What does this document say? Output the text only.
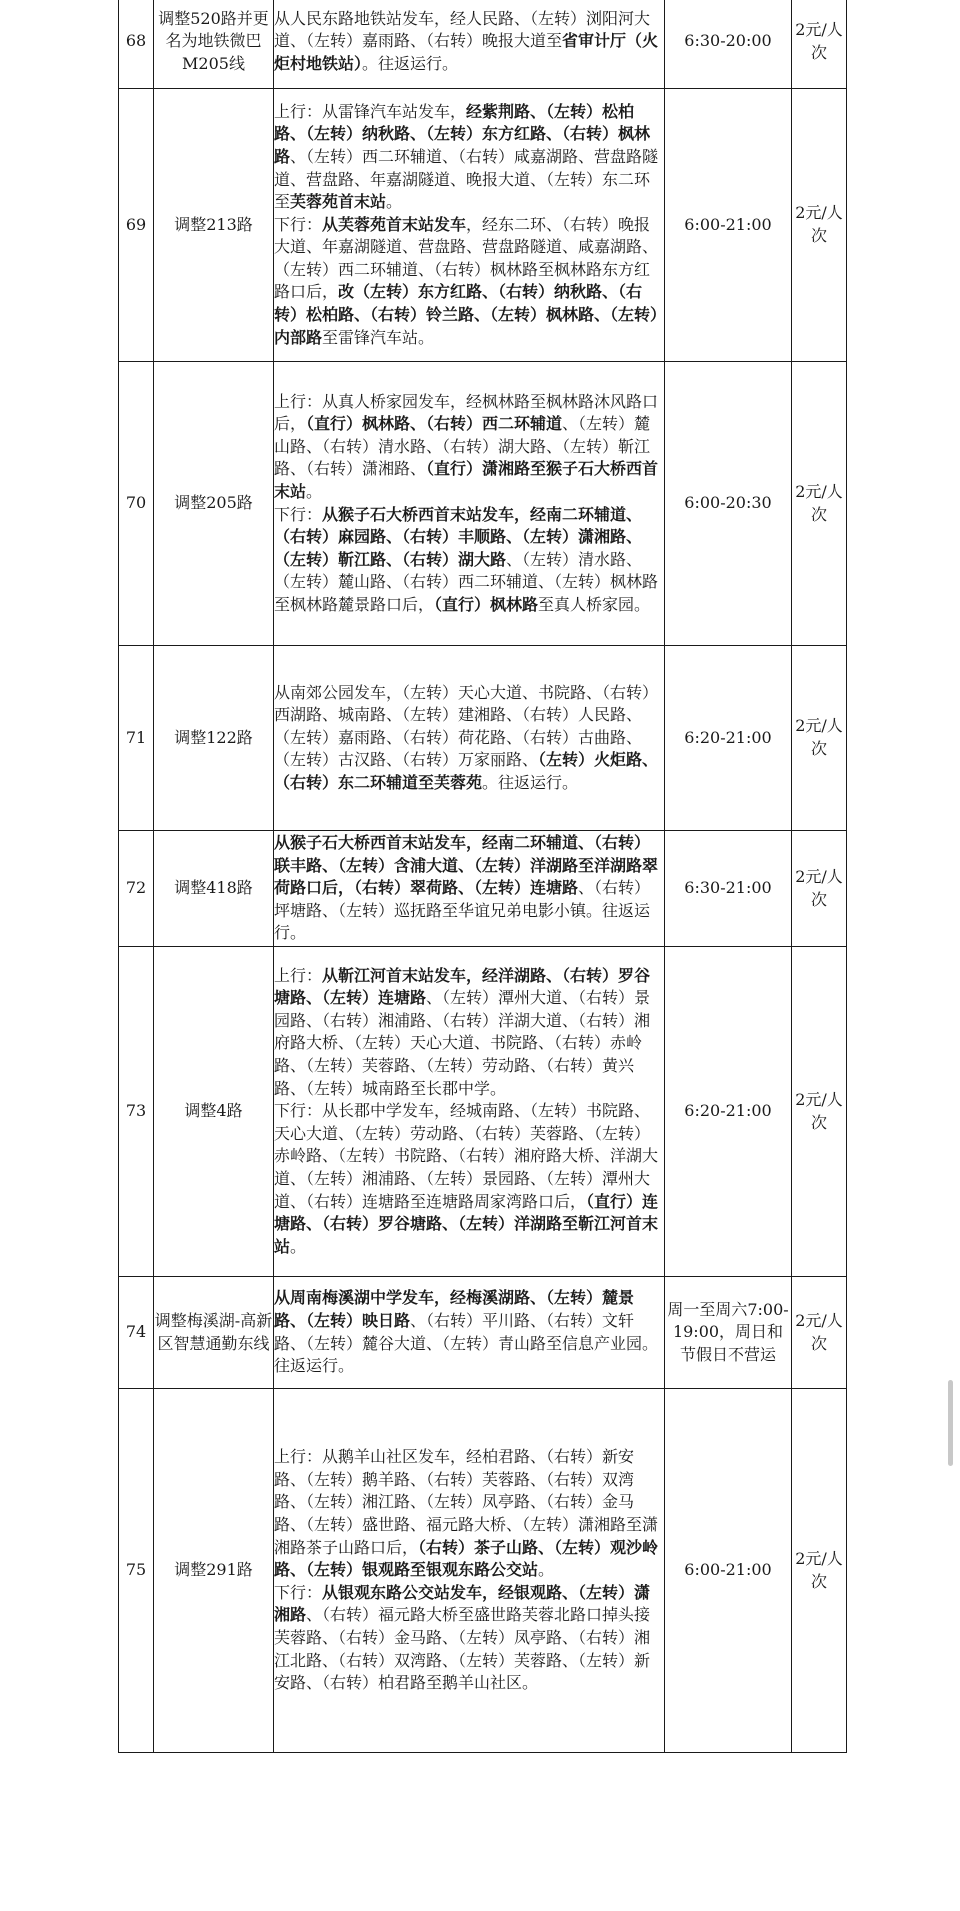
68	调整520路并更名为地铁微巴M205线	从人民东路地铁站发车，经人民路、（左转）浏阳河大道、（左转）嘉雨路、（右转）晚报大道至省审计厅（火炬村地铁站）。往返运行。	6:30-20:00	2元/人次
69	调整213路	上行：从雷锋汽车站发车，经紫荆路、（左转）松柏路、（左转）纳秋路、（左转）东方红路、（右转）枫林路、（左转）西二环辅道、（右转）咸嘉湖路、营盘路隧道、营盘路、年嘉湖隧道、晚报大道、（左转）东二环至芙蓉苑首末站。

下行：从芙蓉苑首末站发车，经东二环、（右转）晚报大道、年嘉湖隧道、营盘路、营盘路隧道、咸嘉湖路、（左转）西二环辅道、（右转）枫林路至枫林路东方红路口后，改（左转）东方红路、（右转）纳秋路、（右转）松柏路、（右转）铃兰路、（左转）枫林路、（左转）内部路至雷锋汽车站。	6:00-21:00	2元/人次
70	调整205路	上行：从真人桥家园发车，经枫林路至枫林路沐风路口后，（直行）枫林路、（右转）西二环辅道、（左转）麓山路、（右转）清水路、（右转）湖大路、（左转）靳江路、（右转）潇湘路、（直行）潇湘路至猴子石大桥西首末站。

下行：从猴子石大桥西首末站发车，经南二环辅道、（右转）麻园路、（右转）丰顺路、（左转）潇湘路、（左转）靳江路、（右转）湖大路、（左转）清水路、（左转）麓山路、（右转）西二环辅道、（左转）枫林路至枫林路麓景路口后，（直行）枫林路至真人桥家园。	6:00-20:30	2元/人次
71	调整122路	从南郊公园发车，（左转）天心大道、书院路、（右转）西湖路、城南路、（左转）建湘路、（右转）人民路、（左转）嘉雨路、（右转）荷花路、（右转）古曲路、（左转）古汉路、（右转）万家丽路、（左转）火炬路、（右转）东二环辅道至芙蓉苑。往返运行。	6:20-21:00	2元/人次
72	调整418路	从猴子石大桥西首末站发车，经南二环辅道、（右转）联丰路、（左转）含浦大道、（左转）洋湖路至洋湖路翠荷路口后，（右转）翠荷路、（左转）连塘路、（右转）坪塘路、（左转）巡抚路至华谊兄弟电影小镇。往返运行。	6:30-21:00	2元/人次
73	调整4路	上行：从靳江河首末站发车，经洋湖路、（右转）罗谷塘路、（左转）连塘路、（左转）潭州大道、（右转）景园路、（右转）湘浦路、（右转）洋湖大道、（右转）湘府路大桥、（左转）天心大道、书院路、（右转）赤岭路、（左转）芙蓉路、（左转）劳动路、（右转）黄兴路、（左转）城南路至长郡中学。

下行：从长郡中学发车，经城南路、（左转）书院路、天心大道、（左转）劳动路、（右转）芙蓉路、（左转）赤岭路、（左转）书院路、（右转）湘府路大桥、洋湖大道、（左转）湘浦路、（左转）景园路、（左转）潭州大道、（右转）连塘路至连塘路周家湾路口后，（直行）连塘路、（右转）罗谷塘路、（左转）洋湖路至靳江河首末站。	6:20-21:00	2元/人次
74	调整梅溪湖-高新区智慧通勤东线	从周南梅溪湖中学发车，经梅溪湖路、（左转）麓景路、（左转）映日路、（右转）平川路、（右转）文轩路、（左转）麓谷大道、（左转）青山路至信息产业园。往返运行。	周一至周六7:00-19:00，周日和节假日不营运	2元/人次
75	调整291路	上行：从鹅羊山社区发车，经柏君路、（右转）新安路、（左转）鹅羊路、（右转）芙蓉路、（右转）双湾路、（左转）湘江路、（左转）凤亭路、（右转）金马路、（左转）盛世路、福元路大桥、（左转）潇湘路至潇湘路茶子山路口后，（右转）茶子山路、（左转）观沙岭路、（左转）银观路至银观东路公交站。

下行：从银观东路公交站发车，经银观路、（左转）潇湘路、（右转）福元路大桥至盛世路芙蓉北路口掉头接芙蓉路、（右转）金马路、（左转）凤亭路、（右转）湘江北路、（右转）双湾路、（左转）芙蓉路、（左转）新安路、（右转）柏君路至鹅羊山社区。	6:00-21:00	2元/人次
